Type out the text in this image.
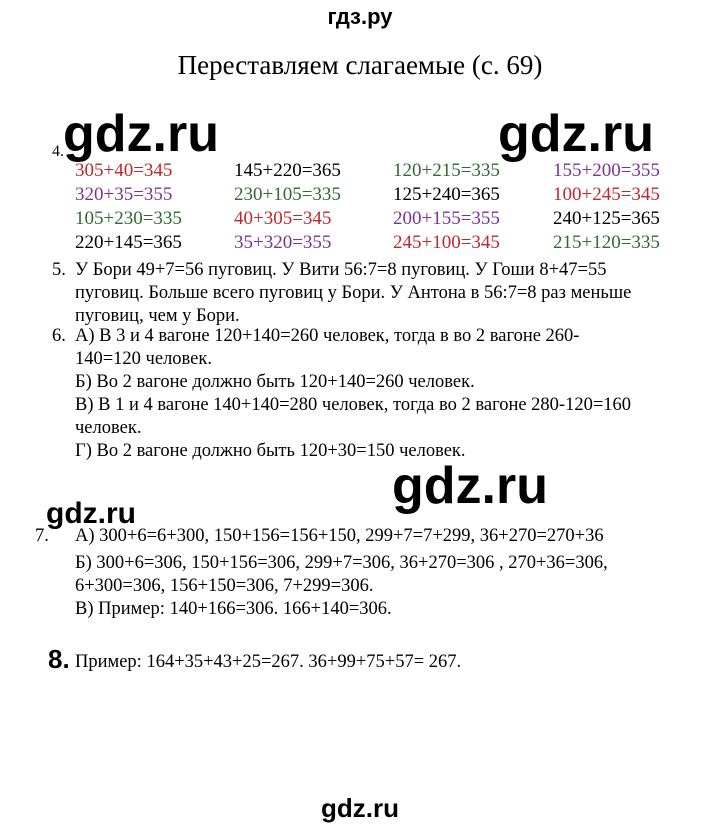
гдз.ру
gdz.ru	gdz.ru
gdz.ru
gdz.ru
gdz.ru
Переставляем слагаемые (с. 69)
4.
305+40=345	145+220=365	120+215=335	155+200=355
320+35=355	230+105=335	125+240=365	100+245=345
105+230=335	40+305=345	200+155=355	240+125=365
220+145=365	35+320=355	245+100=345	215+120=335
5. У Бори 49+7=56 пуговиц. У Вити 56:7=8 пуговиц. У Гоши 8+47=55
пуговиц. Больше всего пуговиц у Бори. У Антона в 56:7=8 раз меньше
пуговиц, чем у Бори.
6. А) В 3 и 4 вагоне 120+140=260 человек, тогда в во 2 вагоне 260-
140=120 человек.
Б) Во 2 вагоне должно быть 120+140=260 человек.
В) В 1 и 4 вагоне 140+140=280 человек, тогда во 2 вагоне 280-120=160
человек.
Г) Во 2 вагоне должно быть 120+30=150 человек.
7. А) 300+6=6+300, 150+156=156+150, 299+7=7+299, 36+270=270+36
Б) 300+6=306, 150+156=306, 299+7=306, 36+270=306 , 270+36=306,
6+300=306, 156+150=306, 7+299=306.
В) Пример: 140+166=306. 166+140=306.
8. Пример: 164+35+43+25=267. 36+99+75+57= 267.
